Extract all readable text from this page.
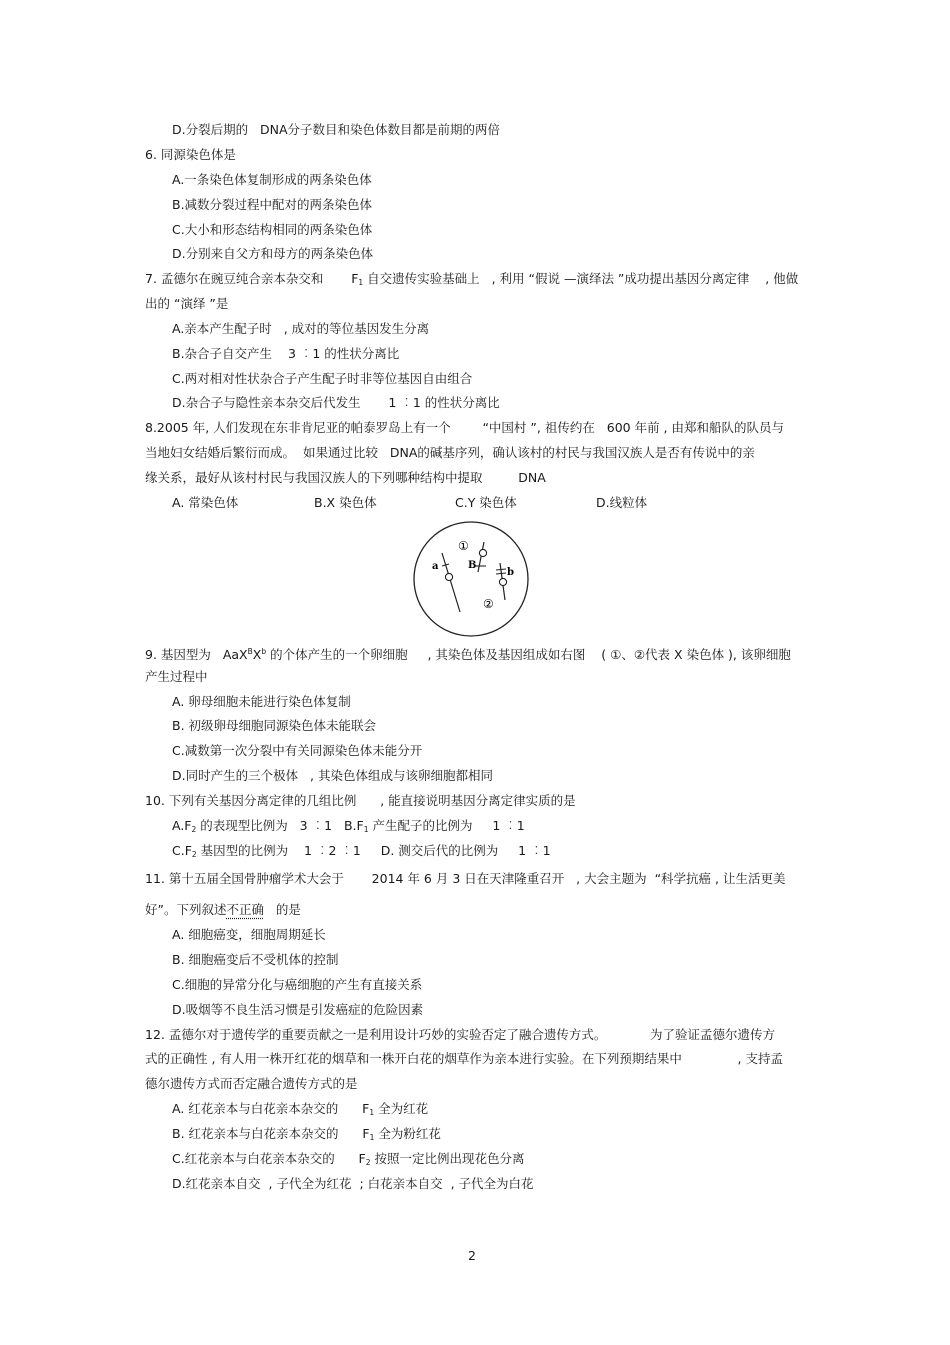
D.分裂后期的   DNA分子数目和染色体数目都是前期的两倍
6. 同源染色体是
A.一条染色体复制形成的两条染色体
B.减数分裂过程中配对的两条染色体
C.大小和形态结构相同的两条染色体
D.分别来自父方和母方的两条染色体
7. 孟德尔在豌豆纯合亲本杂交和       $F_1$ 自交遗传实验基础上   , 利用 “假说 —演绎法 ”成功提出基因分离定律    , 他做
出的 “演绎 ”是
A.亲本产生配子时   , 成对的等位基因发生分离
B.杂合子自交产生    3 ︰1 的性状分离比
C.两对相对性状杂合子产生配子时非等位基因自由组合
D.杂合子与隐性亲本杂交后代发生       1 ︰1 的性状分离比
8.2005 年, 人们发现在东非肯尼亚的帕泰罗岛上有一个        “中国村 ”, 祖传约在   600 年前 , 由郑和船队的队员与
当地妇女结婚后繁衍而成。  如果通过比较   DNA的碱基序列，确认该村的村民与我国汉族人是否有传说中的亲
缘关系，最好从该村村民与我国汉族人的下列哪种结构中提取         DNA
A. 常染色体	B.X 染色体	C.Y 染色体	D.线粒体
a
①
B
b
②
9. 基因型为   $AaX^BX^b$ 的个体产生的一个卵细胞     , 其染色体及基因组成如右图    ( ①、②代表 X 染色体 ), 该卵细胞
产生过程中
A. 卵母细胞未能进行染色体复制
B. 初级卵母细胞同源染色体未能联会
C.减数第一次分裂中有关同源染色体未能分开
D.同时产生的三个极体   , 其染色体组成与该卵细胞都相同
10. 下列有关基因分离定律的几组比例      , 能直接说明基因分离定律实质的是
$A.F_2$ 的表现型比例为   3 ︰1   $B.F_1$ 产生配子的比例为     1 ︰1
$C.F_2$ 基因型的比例为    1 ︰2 ︰1     D. 测交后代的比例为     1 ︰1
11. 第十五届全国骨肿瘤学术大会于       2014 年 6 月 3 日在天津隆重召开   , 大会主题为  “科学抗癌 , 让生活更美
好”。下列叙述不正确   的是
A. 细胞癌变，细胞周期延长
B. 细胞癌变后不受机体的控制
C.细胞的异常分化与癌细胞的产生有直接关系
D.吸烟等不良生活习惯是引发癌症的危险因素
12. 孟德尔对于遗传学的重要贡献之一是利用设计巧妙的实验否定了融合遗传方式。           为了验证孟德尔遗传方
式的正确性 , 有人用一株开红花的烟草和一株开白花的烟草作为亲本进行实验。在下列预期结果中              , 支持孟
德尔遗传方式而否定融合遗传方式的是
A. 红花亲本与白花亲本杂交的      $F_1$ 全为红花
B. 红花亲本与白花亲本杂交的      $F_1$ 全为粉红花
C.红花亲本与白花亲本杂交的      $F_2$ 按照一定比例出现花色分离
D.红花亲本自交  , 子代全为红花  ; 白花亲本自交  , 子代全为白花
2
